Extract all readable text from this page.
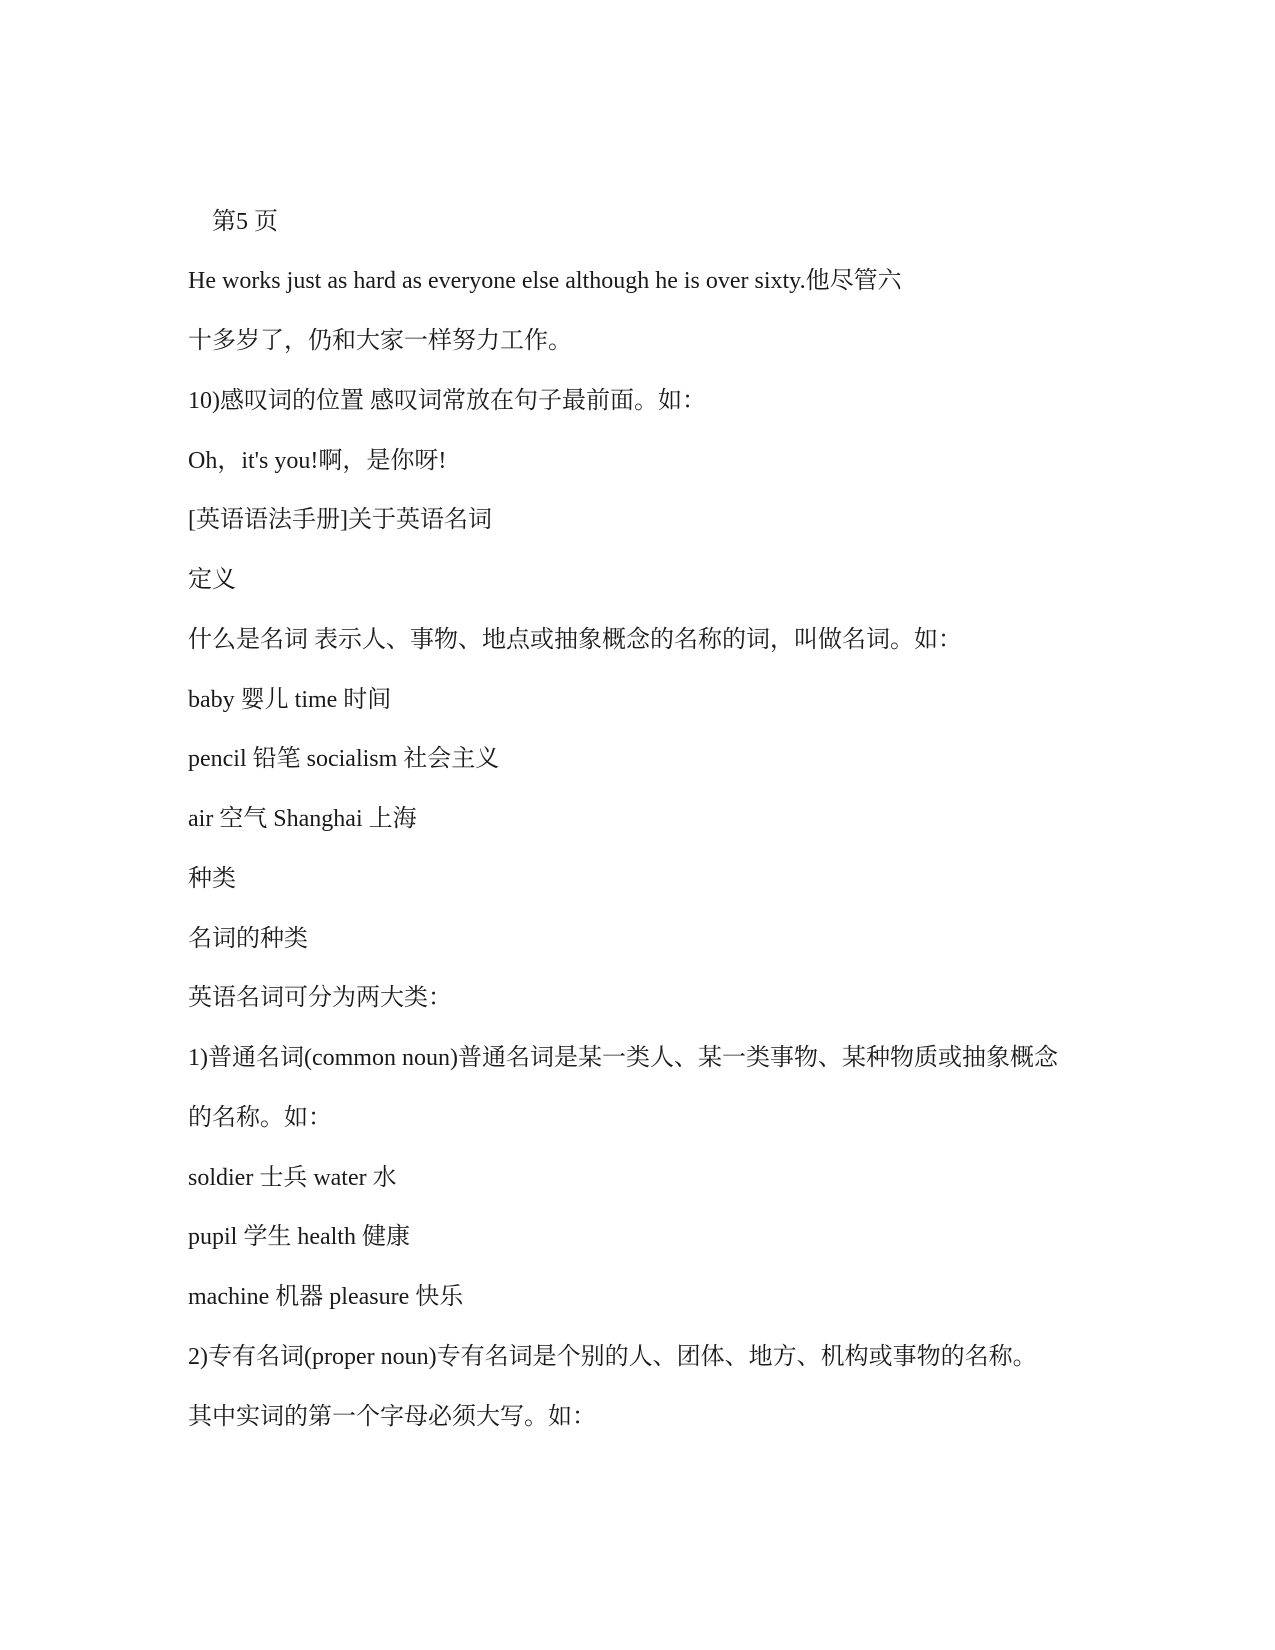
第5 页
He works just as hard as everyone else although he is over sixty.他尽管六
十多岁了，仍和大家一样努力工作。
10)感叹词的位置 感叹词常放在句子最前面。如：
Oh，it's you!啊，是你呀!
[英语语法手册]关于英语名词
定义
什么是名词 表示人、事物、地点或抽象概念的名称的词，叫做名词。如：
baby 婴儿 time 时间
pencil 铅笔 socialism 社会主义
air 空气 Shanghai 上海
种类
名词的种类
英语名词可分为两大类：
1)普通名词(common noun)普通名词是某一类人、某一类事物、某种物质或抽象概念
的名称。如：
soldier 士兵 water 水
pupil 学生 health 健康
machine 机器 pleasure 快乐
2)专有名词(proper noun)专有名词是个别的人、团体、地方、机构或事物的名称。
其中实词的第一个字母必须大写。如：
